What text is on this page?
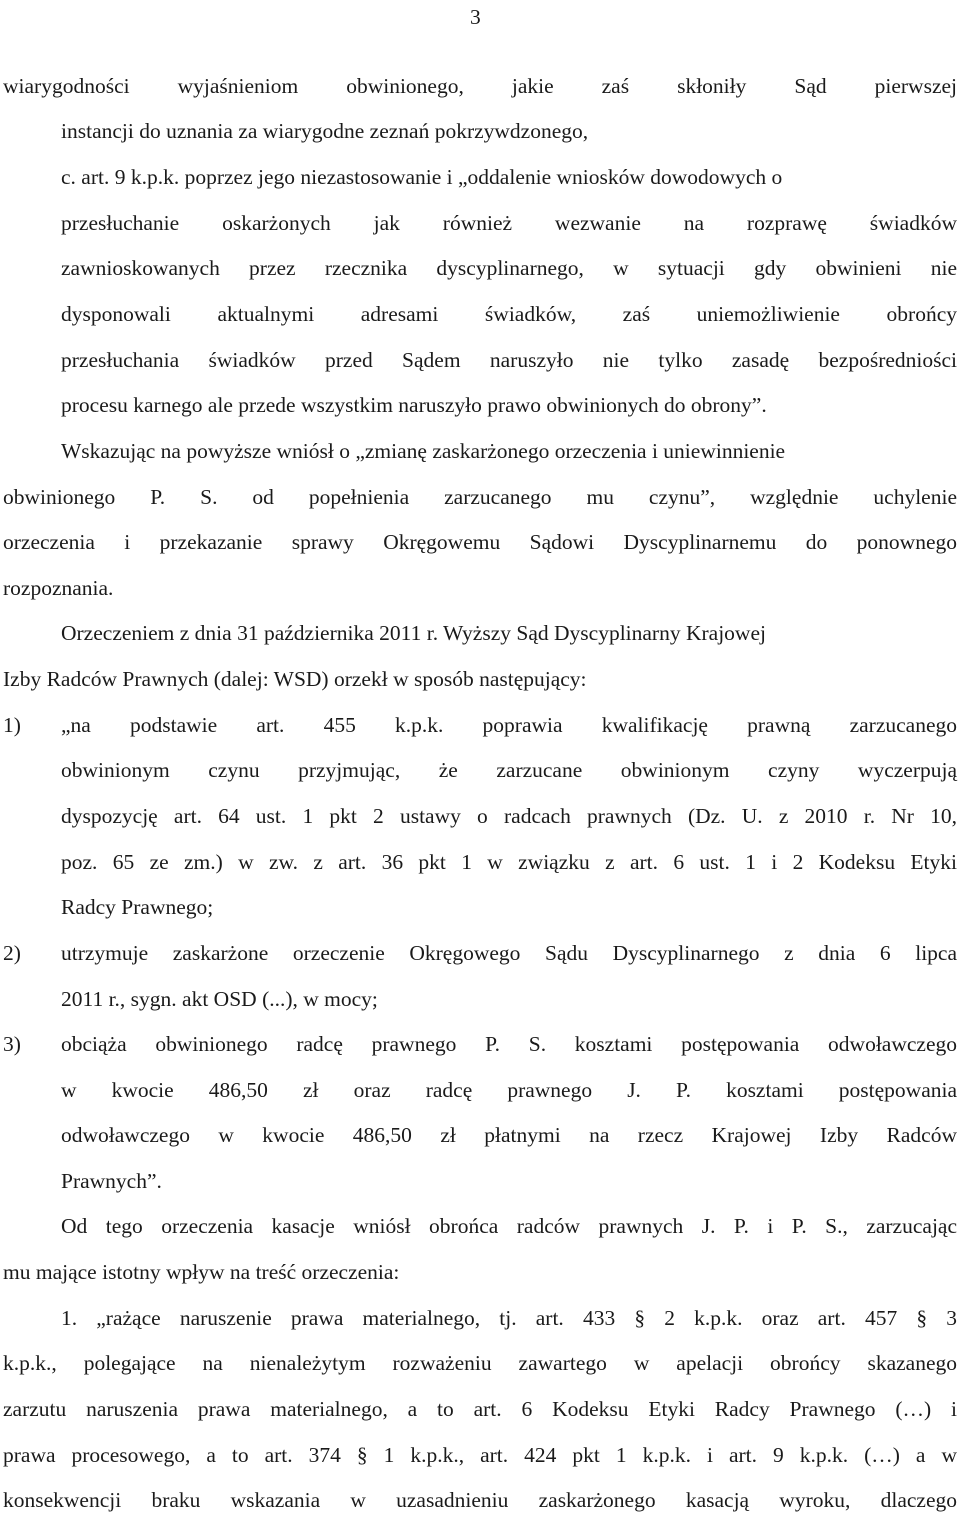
3
wiarygodności wyjaśnieniom obwinionego, jakie zaś skłoniły Sąd pierwszej
instancji do uznania za wiarygodne zeznań pokrzywdzonego,
c. art. 9 k.p.k. poprzez jego niezastosowanie i „oddalenie wniosków dowodowych o
przesłuchanie oskarżonych jak również wezwanie na rozprawę świadków
zawnioskowanych przez rzecznika dyscyplinarnego, w sytuacji gdy obwinieni nie
dysponowali aktualnymi adresami świadków, zaś uniemożliwienie obrońcy
przesłuchania świadków przed Sądem naruszyło nie tylko zasadę bezpośredniości
procesu karnego ale przede wszystkim naruszyło prawo obwinionych do obrony”.
Wskazując na powyższe wniósł o „zmianę zaskarżonego orzeczenia i uniewinnienie
obwinionego P. S. od popełnienia zarzucanego mu czynu”, względnie uchylenie
orzeczenia i przekazanie sprawy Okręgowemu Sądowi Dyscyplinarnemu do ponownego
rozpoznania.
Orzeczeniem z dnia 31 października 2011 r. Wyższy Sąd Dyscyplinarny Krajowej
Izby Radców Prawnych (dalej: WSD) orzekł w sposób następujący:
1) „na podstawie art. 455 k.p.k. poprawia kwalifikację prawną zarzucanego
obwinionym czynu przyjmując, że zarzucane obwinionym czyny wyczerpują
dyspozycję art. 64 ust. 1 pkt 2 ustawy o radcach prawnych (Dz. U. z 2010 r. Nr 10,
poz. 65 ze zm.) w zw. z art. 36 pkt 1 w związku z art. 6 ust. 1 i 2 Kodeksu Etyki
Radcy Prawnego;
2) utrzymuje zaskarżone orzeczenie Okręgowego Sądu Dyscyplinarnego z dnia 6 lipca
2011 r., sygn. akt OSD (...), w mocy;
3) obciąża obwinionego radcę prawnego P. S. kosztami postępowania odwoławczego
w kwocie 486,50 zł oraz radcę prawnego J. P. kosztami postępowania
odwoławczego w kwocie 486,50 zł płatnymi na rzecz Krajowej Izby Radców
Prawnych”.
Od tego orzeczenia kasacje wniósł obrońca radców prawnych J. P. i P. S., zarzucając
mu mające istotny wpływ na treść orzeczenia:
1. „rażące naruszenie prawa materialnego, tj. art. 433 § 2 k.p.k. oraz art. 457 § 3
k.p.k., polegające na nienależytym rozważeniu zawartego w apelacji obrońcy skazanego
zarzutu naruszenia prawa materialnego, a to art. 6 Kodeksu Etyki Radcy Prawnego (…) i
prawa procesowego, a to art. 374 § 1 k.p.k., art. 424 pkt 1 k.p.k. i art. 9 k.p.k. (…) a w
konsekwencji braku wskazania w uzasadnieniu zaskarżonego kasacją wyroku, dlaczego
